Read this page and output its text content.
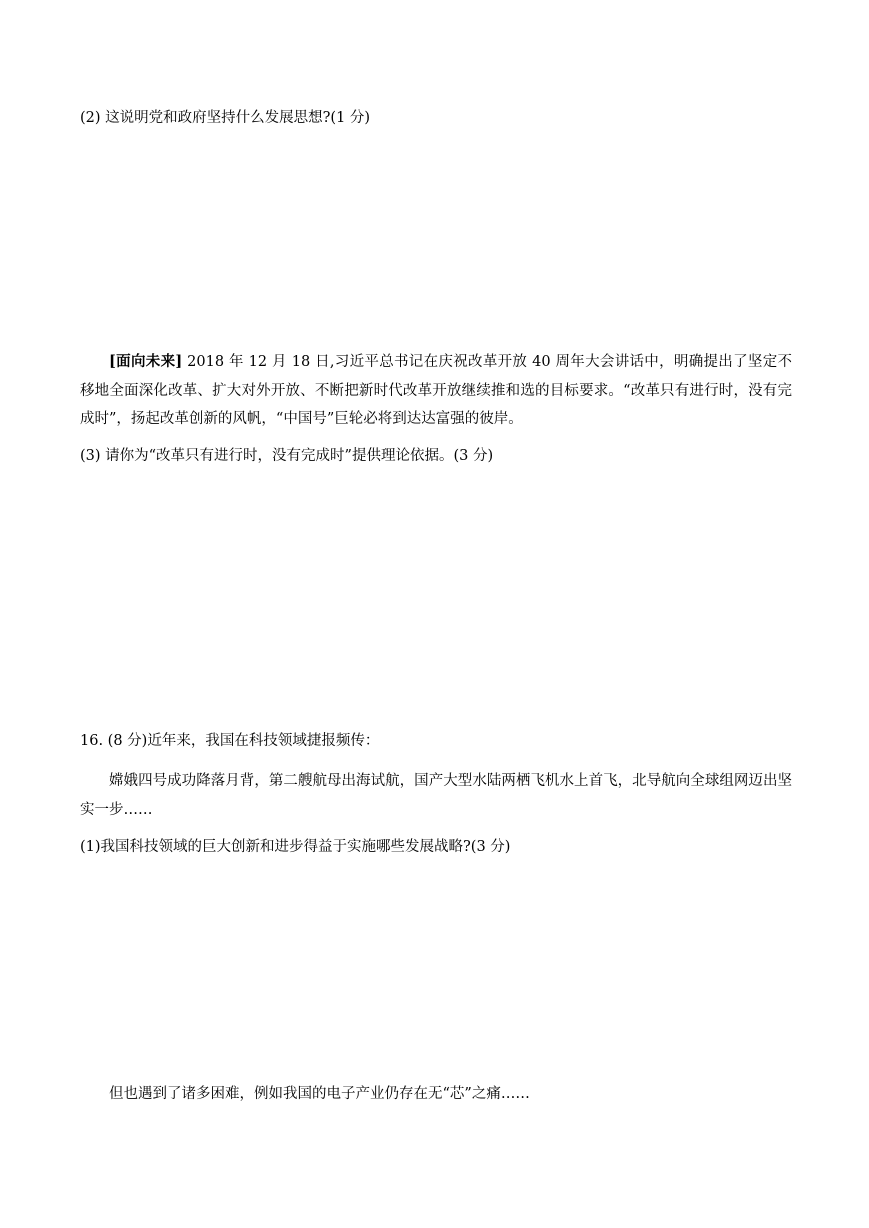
(2) 这说明党和政府坚持什么发展思想?(1 分)
[面向未来] 2018 年 12 月 18 日,习近平总书记在庆祝改革开放 40 周年大会讲话中，明确提出了坚定不移地全面深化改革、扩大对外开放、不断把新时代改革开放继续推和选的目标要求。“改革只有进行时，没有完成时”，扬起改革创新的风帆，“中国号”巨轮必将到达达富强的彼岸。
(3) 请你为“改革只有进行时，没有完成时”提供理论依据。(3 分)
16. (8 分)近年来，我国在科技领域捷报频传：
嫦娥四号成功降落月背，第二艘航母出海试航，国产大型水陆两栖飞机水上首飞，北导航向全球组网迈出坚实一步……
(1)我国科技领域的巨大创新和进步得益于实施哪些发展战略?(3 分)
但也遇到了诸多困难，例如我国的电子产业仍存在无“芯”之痛……
